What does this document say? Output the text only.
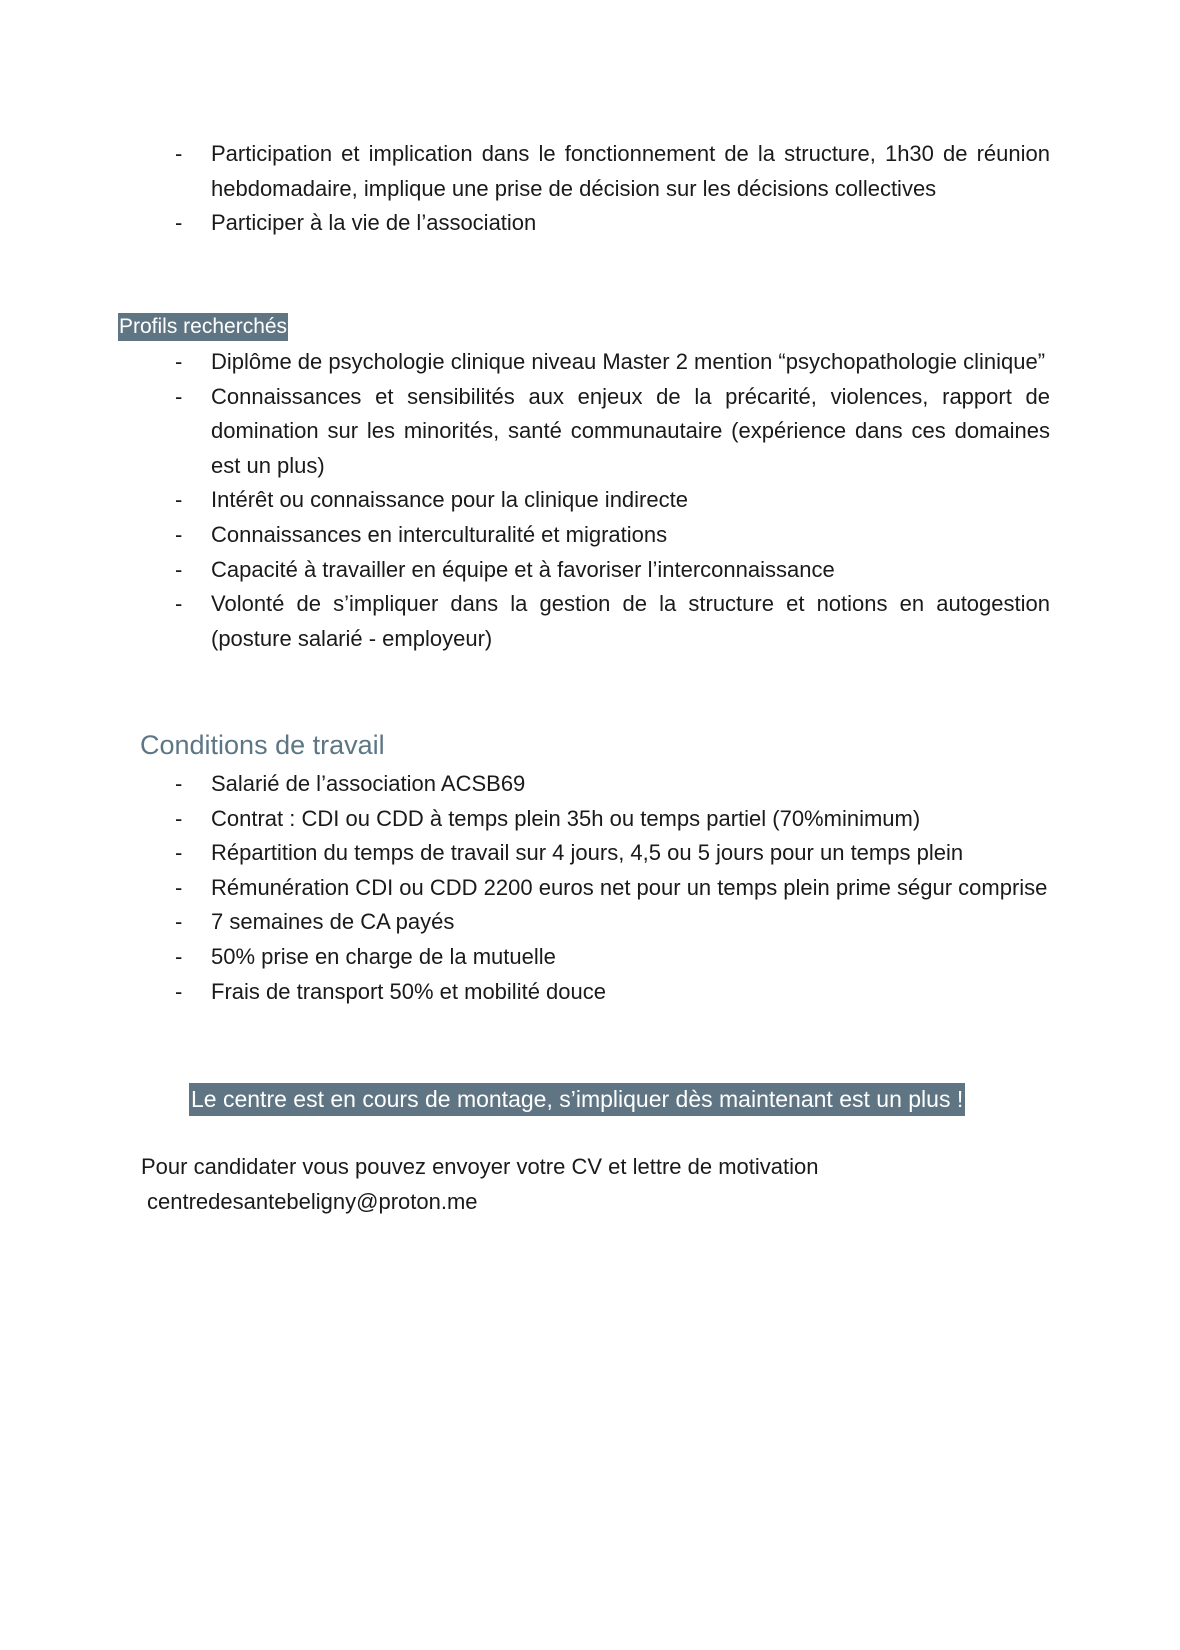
-	Participation et implication dans le fonctionnement de la structure, 1h30 de réunion hebdomadaire, implique une prise de décision sur les décisions collectives
-	Participer à la vie de l’association
Profils recherchés
-	Diplôme de psychologie clinique niveau Master 2 mention “psychopathologie clinique”
-	Connaissances et sensibilités aux enjeux de la précarité, violences, rapport de domination sur les minorités, santé communautaire (expérience dans ces domaines est un plus)
-	Intérêt ou connaissance pour la clinique indirecte
-	Connaissances en interculturalité et migrations
-	Capacité à travailler en équipe et à favoriser l’interconnaissance
-	Volonté de s’impliquer dans la gestion de la structure et notions en autogestion (posture salarié - employeur)
Conditions de travail
-	Salarié de l’association ACSB69
-	Contrat : CDI ou CDD à temps plein 35h ou temps partiel (70%minimum)
-	Répartition du temps de travail sur 4 jours, 4,5 ou 5 jours pour un temps plein
-	Rémunération CDI ou CDD 2200 euros net pour un temps plein prime ségur comprise
-	7 semaines de CA payés
-	50% prise en charge de la mutuelle
-	Frais de transport 50% et mobilité douce
Le centre est en cours de montage, s’impliquer dès maintenant est un plus !
Pour candidater vous pouvez envoyer votre CV et lettre de motivation
centredesantebeligny@proton.me
